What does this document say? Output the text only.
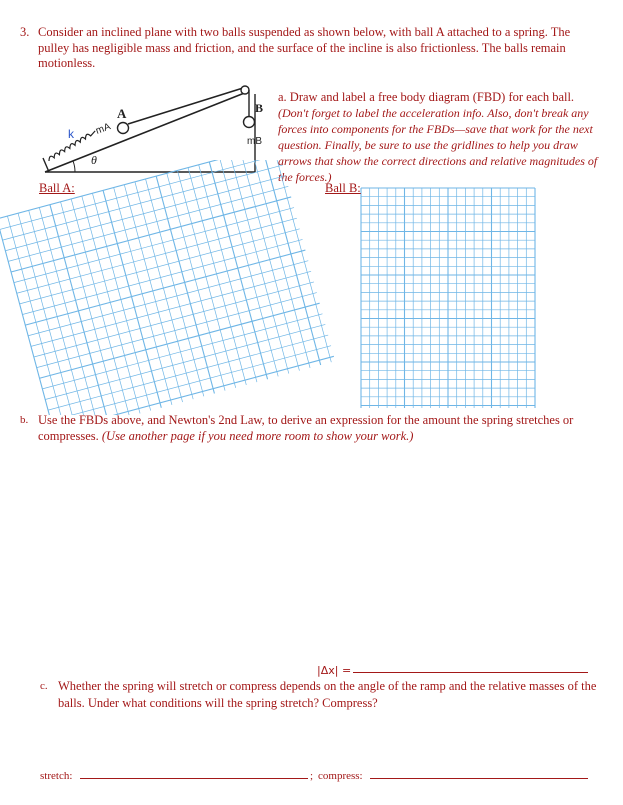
3. Consider an inclined plane with two balls suspended as shown below, with ball A attached to a spring. The pulley has negligible mass and friction, and the surface of the incline is also frictionless. The balls remain motionless.
k mA
A	B
mB
θ
a. Draw and label a free body diagram (FBD) for each ball. (Don't forget to label the acceleration info. Also, don't break any forces into components for the FBDs—save that work for the next question. Finally, be sure to use the gridlines to help you draw arrows that show the correct directions and relative magnitudes of the forces.)
Ball A:	Ball B:
b. Use the FBDs above, and Newton's 2nd Law, to derive an expression for the amount the spring stretches or compresses. (Use another page if you need more room to show your work.)
|Δx| =
c. Whether the spring will stretch or compress depends on the angle of the ramp and the relative masses of the balls. Under what conditions will the spring stretch? Compress?
stretch:	; compress:
